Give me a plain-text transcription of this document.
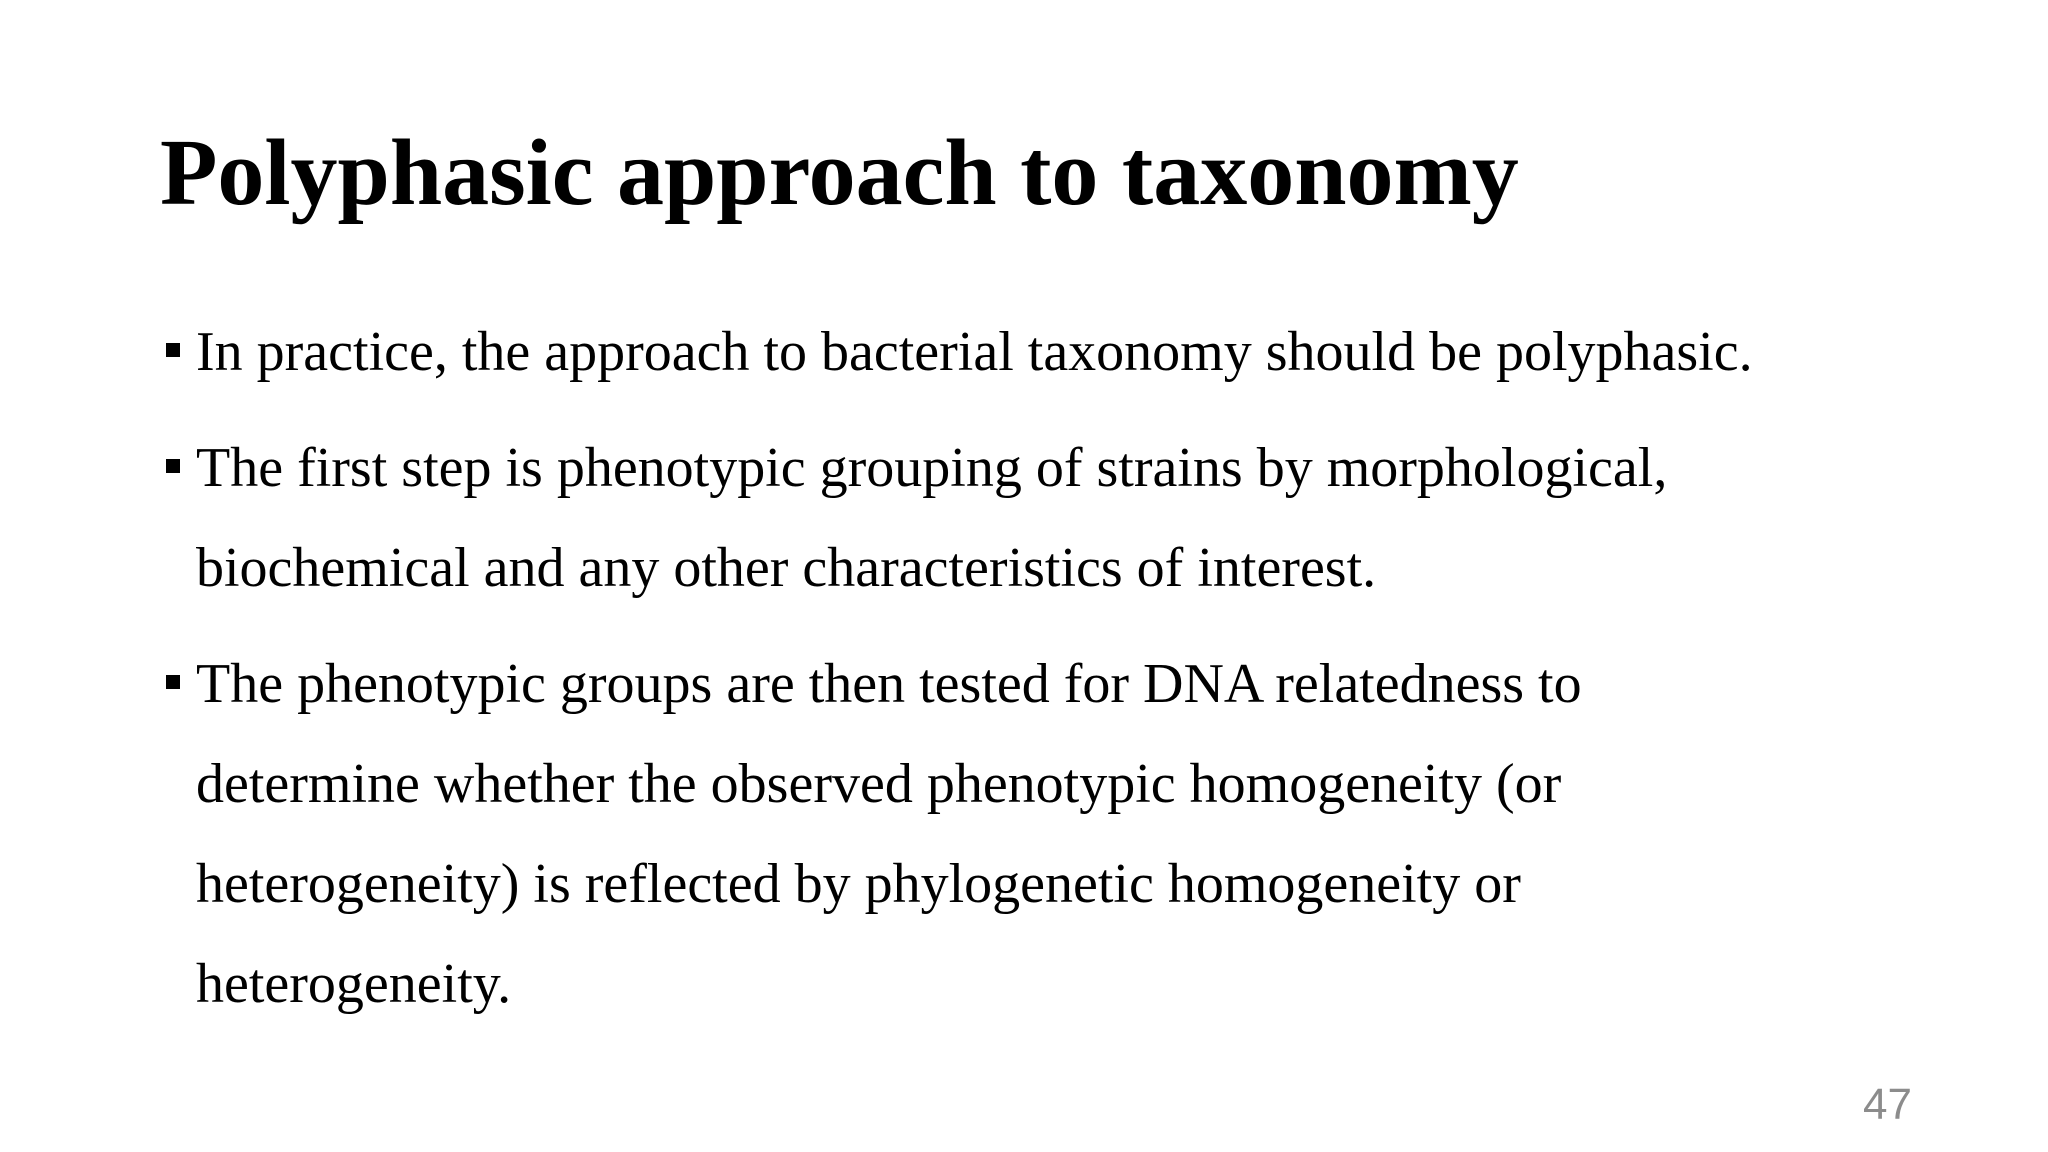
Polyphasic approach to taxonomy
In practice, the approach to bacterial taxonomy should be polyphasic.
The first step is phenotypic grouping of strains by morphological,
biochemical and any other characteristics of interest.
The phenotypic groups are then tested for DNA relatedness to
determine whether the observed phenotypic homogeneity (or
heterogeneity) is reflected by phylogenetic homogeneity or
heterogeneity.
47
